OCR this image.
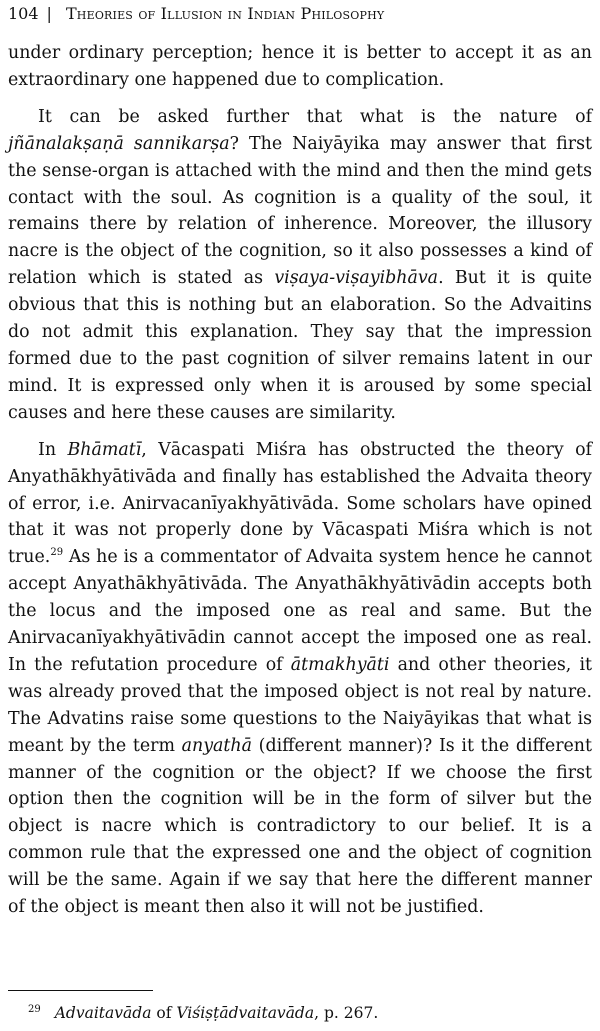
104 | Theories of Illusion in Indian Philosophy

under ordinary perception; hence it is better to accept it as an extraordinary one happened due to complication.

It can be asked further that what is the nature of jñānalakṣaṇā sannikarṣa? The Naiyāyika may answer that first the sense-organ is attached with the mind and then the mind gets contact with the soul. As cognition is a quality of the soul, it remains there by relation of inherence. Moreover, the illusory nacre is the object of the cognition, so it also possesses a kind of relation which is stated as viṣaya-viṣayibhāva. But it is quite obvious that this is nothing but an elaboration. So the Advaitins do not admit this explanation. They say that the impression formed due to the past cognition of silver remains latent in our mind. It is expressed only when it is aroused by some special causes and here these causes are similarity.

In Bhāmatī, Vācaspati Miśra has obstructed the theory of Anyathākhyātivāda and finally has established the Advaita theory of error, i.e. Anirvacanīyakhyātivāda. Some scholars have opined that it was not properly done by Vācaspati Miśra which is not true.$^{29}$ As he is a commentator of Advaita system hence he cannot accept Anyathākhyātivāda. The Anyathākhyātivādin accepts both the locus and the imposed one as real and same. But the Anirvacanīyakhyātivādin cannot accept the imposed one as real. In the refutation procedure of ātmakhyāti and other theories, it was already proved that the imposed object is not real by nature. The Advatins raise some questions to the Naiyāyikas that what is meant by the term anyathā (different manner)? Is it the different manner of the cognition or the object? If we choose the first option then the cognition will be in the form of silver but the object is nacre which is contradictory to our belief. It is a common rule that the expressed one and the object of cognition will be the same. Again if we say that here the different manner of the object is meant then also it will not be justified.

$^{29}$ Advaitavāda of Viśiṣṭādvaitavāda, p. 267.
